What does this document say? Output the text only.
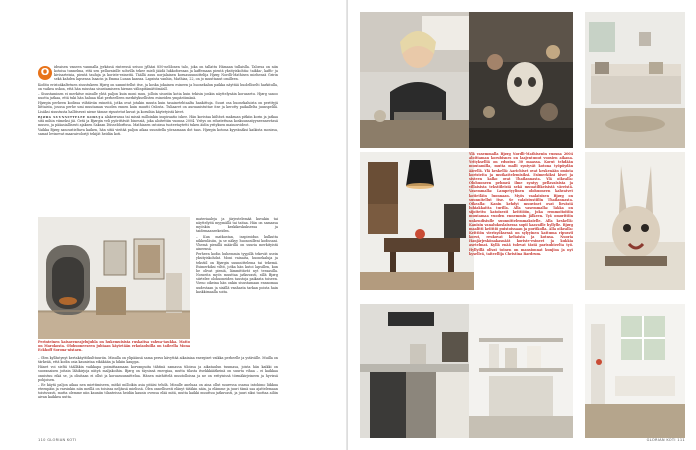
O	ideaisen vaneen vanmalla jyrkässä rinteessä seisoo jylhäsi 850-nelilonen talo, joka on tallattu Hämaan tullaislla. Taloesa on niin kotoisa tunnelma, että sen pellavaisille sohvilla tekee mieli jäädä lukkoforeaan ja kaffemaan pientä yksityiskohtia: taikka-, kaffo- ja kivisarteisia, pientä tauluja ja koriste-esineitä. Täällä asuu norjalainen koruasuunnittelija Hjørg Nordli-Mathisen miehensä Gririn sekä kahden lapsensa Isaacin ja Emma Lunan kanssa. Lapsista vanhin, Mathias, 22, on jo muuttanut omilleen.

Koditu eristoäkaltetuen sisustukeen Hjørg on sammttellut itse, ja koska jokainen esineen ja huonekalun paikka näyttää huolelliselti harkitulla, on vaikea uskoa, että hän ssiustaa sisustamiseen hirmsn välinpitämättömäsll.

– Sisustaminen ei merkitse minulle yhtä paljon kuin moni muu, jolloin sisustin kotia kuin tekisin jonkin näyttelynäin koruasetu. Hjørg sanoo nuotta jatkaa, että tuki hän haluaa tilat perheelleen merkityksellisten esineiden ympäröimänä.

Hjørgin perheen kodissa viihtävän esineitä, jotka ovat jotakin muuta kuin tasainetehtaalta hankittuja. Suuri osa huonekaluista on perittyjä liittaista, joussa perhe umi muutaman vuoden ennen kuin muutti Oslosta. Tuliaaret on auruanistuttae itse ja kerotty paikallelta juunspelilä. Lisäksi sisustusta hallitsevat niene tämne ripustetut kuvat ja koruihin käytetyistä kivet.

BJØRG SUUNNITTELEE KORUJA alakerrassa tai missä milloinkin inspiraatio iskee. Hän koristaa kiiltävä maksuan pitkiin korin ja jatkaa sitä mihin viimeksi jäi. Getä ja Bjørgin veli pyörittävät binessiä, joka aloitettiin vuonna 2004. Yritys on edustettuna koskuunsatyyneennevässä museo, ja pääasiallisesti ajaksen Saksan Düsseldorfissa. Mathiasen ostoissa tuoteetaytetti tuken äidin yrityksen mainosvideot.

Vaikka Bjørg sanoustieltava kaiken, hän sitiä vieitää paljon aikaa suunitella yöraamaan dot taas. Hjørgin kotona kyyeänäksi kaikista mosissa, samat levinevat maaraivolorijt tekijät heidän koti.

Perinteinen kaisaveneajelujuhla on hukemuisista ruskaitsa vahwa-taukka. Matto on Marokosta. Olohuoneeseen juhtaan käytetään erkoiaoluilla on taileella Mona Eckhoff Soroua-nistaen.

materiaaleja ja järjestelemää kuvakin tai näyttelyitä myymällä tai taitaa. Hän on samassa myöskin keskikeskuksessa ja taidemaaneekeiden.

– Kun matkustan, inspiroidun kulkutta nikkenläsiin, ja se näkyy huonosilleni kodissani. Vhemä pienillä määrillä on suuria merkityistä aineensä.

Perheen kodin huhemmin tyypillä tekevät usein yksityiskohdat. Moni vainaita, huonekaluja ja tekstiil on Bjørgin suunnittelema tai tekemä. Esimerkiksi viltit, jotka hän kutoi lapsillen, kun he olivat pieniä, lämmittävät nyt teraasilla. Nosseita myös muuttaa jatkuvasti, sillä Bjørg siirtelee olohuoneiden taustoja paikasta toiseen. Vieno oikeina hän onkin sisustamaan ennnomaa uudestaan ja sisällä vanhasta tarkan poista hain kaskkimaalla soita.

– Olen kyllästynyt kertakäyttökulttuuriin. Minulla on ylipäänsä sama perus kävyttää aikainiaa energiset vaikka perheelle ja ystävälle. Muilla on tärkeää, että kodin osia kaunistaa eikäkään ja hikiin kauppa.

Hänet voi sieltä täälläkin vaikkapa poimittaamaan korvanpuita tähtinä samassa tiloissa ja aikataulun tuumasa, joista hän kaikki on suoranaisen joitain lähikirjoja niityä maljakoihin. Bjørg on täysinsä energiaa, mutta tilasta itsekkkäätkeinä on suurta vihaa – ei kaikkaa onnistuu eikä se, ja olisitaan ei ollut ja koruasuunnittelua. Hänen miehittelä muutolloissa ja ne on erityisissä törmäkirjeineen ja hyvissä pohjoisen.

– Ee käytä paljon aikaa nen miettimiseen, mitkö milloikin asia pitäisi tehdä. Minulle aneluaa on aina ollut suuressa osassa intohimo liikkua eteenpäin ja varsinkin niin meillä on toisissa neljässä mielissä. Olen onnellisesti elänyt tätäkin näin, ja elämme ja juuri tämä saa ajattelemaan toistuvasti, mutta olemme niin kauniin tilanteissa heidän kaunis ovensa elää mitä, mutta kaikki muuttuu jatkuvasti, ja juuri siksi tuottaa ailiin aivan kaikkea uutta.

110 GLORIAN KOTI

Ylä vasemmalla Bjørg Nordli-Mathisenin vuosna 2004 aloittaman korubisnes on laajentunut vuosien aikana. Yritykselliä on edustus 30 maassa. Korut tehdään muutamilla, mutta malli syntyvät kotona työpöydän äärellä. Ylä keskellä: Aarichiset ovat keskenään omiota koristeita ja mutkattelemisiksi. Esimerkiksi kivet ja sisteen kalko ovat Thailannasta. Ylä oikealla: Olohuoneen pehmeä ilme syntyy pellavaisista ja villaisista tekstiileistä sekä muuatilikeisistä väreistä. Vasemmalla: Lampetyylinen olohuoneen kahvatvet kotietläin luonnaan. Myös vaalaisisen Bjørg on suunnitellut itse. Se valaistustiilin Thailannasta. Oikealla: Kanin kehdyt muuvinet ovat lievästä luhiakkaitta turilla. Alla vasemmalla: Takka on sijoitettu katoisesti keittiöön, joka remmoitoitiin muutamaa vuoden ennemmin jälkeen. Tyä omorittiin unkendisiulle suunnittelemmaksielle. Alla keskellä: Kanisin vanalukoslaisessa sopii kaavaille hyllylle. Bjørg maalitti keiittiö puistoissaan ja portikolla. Alla oikealla: Keittiön vierisyöksessä on sylyyinen kattuma ripusvii korut, reukovat keltaista ja kotnsa. Nuoria Hanjärjeskönakasnäät koriste-esineet ja kukkia asetelmat. Kyllä enää tulevat tästä parisuhteelta työ. Hyllyillä olivat toinen on mansionnat kunjioa ja nyt kyselleä, taiteellija Christina Bardrum.

GLORIAN KOTI 111
